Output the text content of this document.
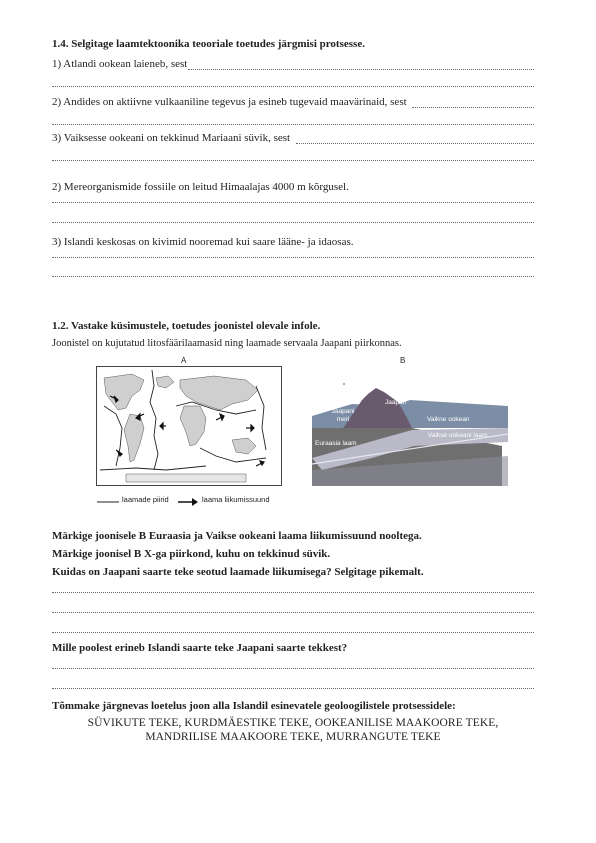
1.4. Selgitage laamtektoonika teooriale toetudes järgmisi protsesse.
1) Atlandi ookean laieneb, sest
2) Andides on aktiivne vulkaaniline tegevus ja esineb tugevaid maavärinaid, sest
3) Vaiksesse ookeani on tekkinud Mariaani süvik, sest
2) Mereorganismide fossiile on leitud Himaalajas 4000 m kõrgusel.
3) Islandi keskosas on kivimid nooremad kui saare lääne- ja idaosas.
1.2. Vastake küsimustele, toetudes joonistel olevale infole.
Joonistel on kujutatud litosfäärilaamasid ning laamade servaala Jaapani piirkonnas.
A
laamade piirid	laama liikumissuund
B
Jaapan
Jaapani meri	Vaikne ookean
Euraasia laam
Vaikse ookeani laam
Märkige joonisele B Euraasia ja Vaikse ookeani laama liikumissuund nooltega.
Märkige joonisel B X-ga piirkond, kuhu on tekkinud süvik.
Kuidas on Jaapani saarte teke seotud laamade liikumisega? Selgitage pikemalt.
Mille poolest erineb Islandi saarte teke Jaapani saarte tekkest?
Tõmmake järgnevas loetelus joon alla Islandil esinevatele geoloogilistele protsessidele:
SÜVIKUTE TEKE, KURDMÄESTIKE TEKE, OOKEANILISE MAAKOORE TEKE,
MANDRILISE MAAKOORE TEKE, MURRANGUTE TEKE
